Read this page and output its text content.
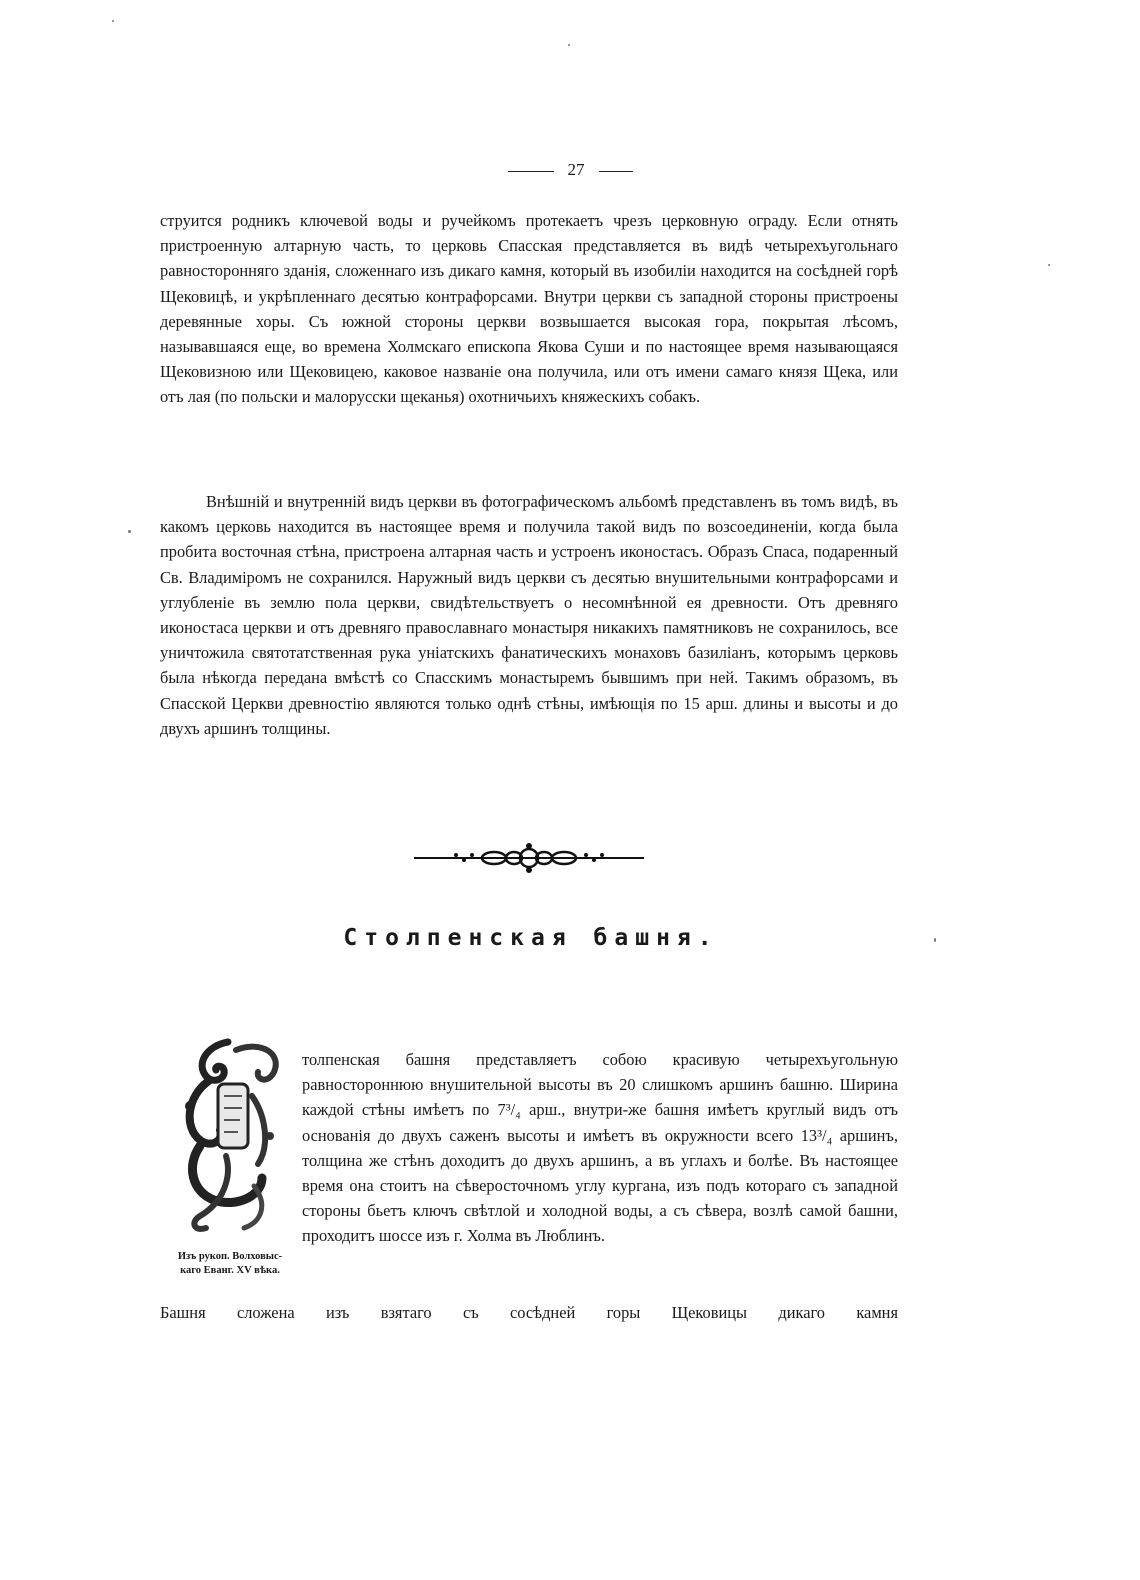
27

струится родникъ ключевой воды и ручейкомъ протекаетъ чрезъ церковную ограду. Если отнять пристроенную алтарную часть, то церковь Спасская представляется въ видѣ четырехъугольнаго равносторонняго зданія, сложеннаго изъ дикаго камня, который въ изобиліи находится на сосѣдней горѣ Щековицѣ, и укрѣпленнаго десятью контрафорсами. Внутри церкви съ западной стороны пристроены деревянные хоры. Съ южной стороны церкви возвышается высокая гора, покрытая лѣсомъ, называвшаяся еще, во времена Холмскаго епископа Якова Суши и по настоящее время называющаяся Щековизною или Щековицею, каковое названіе она получила, или отъ имени самаго князя Щека, или отъ лая (по польски и малорусски щеканья) охотничьихъ княжескихъ собакъ.

Внѣшній и внутренній видъ церкви въ фотографическомъ альбомѣ представленъ въ томъ видѣ, въ какомъ церковь находится въ настоящее время и получила такой видъ по возсоединеніи, когда была пробита восточная стѣна, пристроена алтарная часть и устроенъ иконостасъ. Образъ Спаса, подаренный Св. Владиміромъ не сохранился. Наружный видъ церкви съ десятью внушительными контрафорсами и углубленіе въ землю пола церкви, свидѣтельствуетъ о несомнѣнной ея древности. Отъ древняго иконостаса церкви и отъ древняго православнаго монастыря никакихъ памятниковъ не сохранилось, все уничтожила святотатственная рука уніатскихъ фанатическихъ монаховъ базиліанъ, которымъ церковь была нѣкогда передана вмѣстѣ со Спасскимъ монастыремъ бывшимъ при ней. Такимъ образомъ, въ Спасской Церкви древностію являются только однѣ стѣны, имѣющія по 15 арш. длины и высоты и до двухъ аршинъ толщины.

Столпенская башня.
Изъ рукоп. Волховыс-
каго Еванг. XV вѣка.
толпенская башня представляетъ собою красивую четырехъугольную равностороннюю внушительной высоты въ 20 слишкомъ аршинъ башню. Ширина каждой стѣны имѣетъ по 7³/₄ арш., внутри-же башня имѣетъ круглый видъ отъ основанія до двухъ саженъ высоты и имѣетъ въ окружности всего 13³/₄ аршинъ, толщина же стѣнъ доходитъ до двухъ аршинъ, а въ углахъ и болѣе. Въ настоящее время она стоитъ на сѣверосточномъ углу кургана, изъ подъ котораго съ западной стороны бьетъ ключъ свѣтлой и холодной воды, а съ сѣвера, возлѣ самой башни, проходитъ шоссе изъ г. Холма въ Люблинъ.
Башня сложена изъ взятаго съ сосѣдней горы Щековицы дикаго камня
